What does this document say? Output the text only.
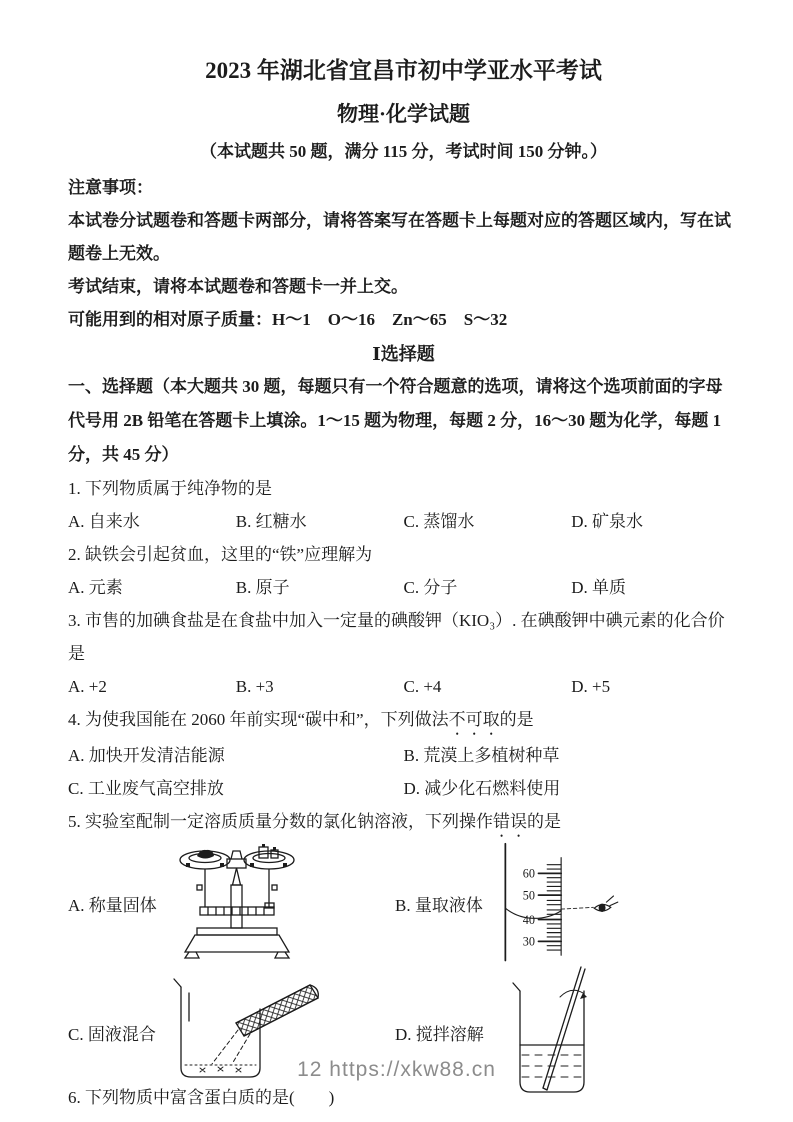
2023 年湖北省宜昌市初中学亚水平考试

物理·化学试题

（本试题共 50 题，满分 115 分，考试时间 150 分钟。）

注意事项：

本试卷分试题卷和答题卡两部分，请将答案写在答题卡上每题对应的答题区域内，写在试题卷上无效。

考试结束，请将本试题卷和答题卡一并上交。

可能用到的相对原子质量：H～1　O～16　Zn～65　S～32

Ⅰ选择题

一、选择题（本大题共 30 题，每题只有一个符合题意的选项，请将这个选项前面的字母代号用 2B 铅笔在答题卡上填涂。1～15 题为物理，每题 2 分，16～30 题为化学，每题 1 分，共 45 分）

1. 下列物质属于纯净物的是

A. 自来水	B. 红糖水	C. 蒸馏水	D. 矿泉水

2. 缺铁会引起贫血，这里的“铁”应理解为

A. 元素	B. 原子	C. 分子	D. 单质

3. 市售的加碘食盐是在食盐中加入一定量的碘酸钾（KIO₃）. 在碘酸钾中碘元素的化合价是

A. +2	B. +3	C. +4	D. +5

4. 为使我国能在 2060 年前实现“碳中和”，下列做法不可取的是

A. 加快开发清洁能源	B. 荒漠上多植树种草
C. 工业废气高空排放	D. 减少化石燃料使用

5. 实验室配制一定溶质质量分数的氯化钠溶液，下列操作错误的是

A. 称量固体	B. 量取液体
60
50
40
30
C. 固液混合	D. 搅拌溶解

6. 下列物质中富含蛋白质的是(　　)

12 https://xkw88.cn
